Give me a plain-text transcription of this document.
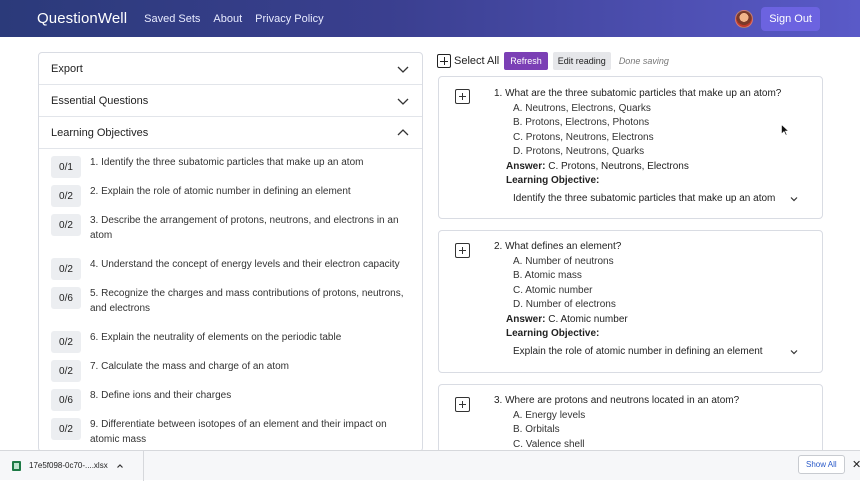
QuestionWell Saved Sets About Privacy Policy	Sign Out
Export
Essential Questions
Learning Objectives
0/1	1. Identify the three subatomic particles that make up an atom
0/2	2. Explain the role of atomic number in defining an element
0/2	3. Describe the arrangement of protons, neutrons, and electrons in an atom
0/2	4. Understand the concept of energy levels and their electron capacity
0/6	5. Recognize the charges and mass contributions of protons, neutrons, and electrons
0/2	6. Explain the neutrality of elements on the periodic table
0/2	7. Calculate the mass and charge of an atom
0/6	8. Define ions and their charges
0/2	9. Differentiate between isotopes of an element and their impact on atomic mass
Select All	Refresh	Edit reading	Done saving
1. What are the three subatomic particles that make up an atom?
A. Neutrons, Electrons, Quarks
B. Protons, Electrons, Photons
C. Protons, Neutrons, Electrons
D. Protons, Neutrons, Quarks
Answer: C. Protons, Neutrons, Electrons
Learning Objective:
Identify the three subatomic particles that make up an atom
2. What defines an element?
A. Number of neutrons
B. Atomic mass
C. Atomic number
D. Number of electrons
Answer: C. Atomic number
Learning Objective:
Explain the role of atomic number in defining an element
3. Where are protons and neutrons located in an atom?
A. Energy levels
B. Orbitals
C. Valence shell
17e5f098-0c70-....xlsx	Show All	✕
